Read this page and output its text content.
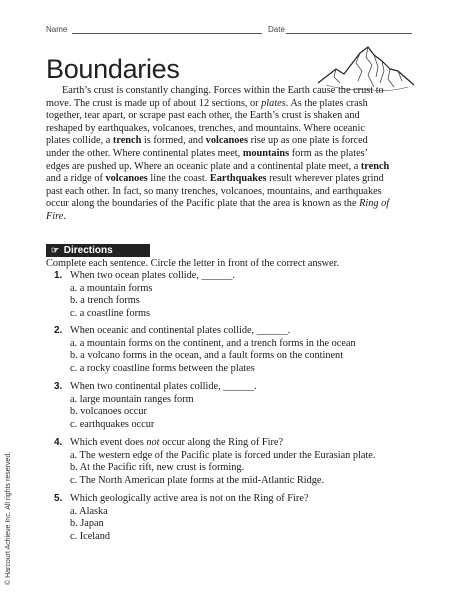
Name	Date
Boundaries

Earth’s crust is constantly changing. Forces within the Earth cause the crust to move. The crust is made up of about 12 sections, or plates. As the plates crash together, tear apart, or scrape past each other, the Earth’s crust is shaken and reshaped by earthquakes, volcanoes, trenches, and mountains. Where oceanic plates collide, a trench is formed, and volcanoes rise up as one plate is forced under the other. Where continental plates meet, mountains form as the plates’ edges are pushed up. Where an oceanic plate and a continental plate meet, a trench and a ridge of volcanoes line the coast. Earthquakes result wherever plates grind past each other. In fact, so many trenches, volcanoes, mountains, and earthquakes occur along the boundaries of the Pacific plate that the area is known as the Ring of Fire.

☞ Directions
Complete each sentence. Circle the letter in front of the correct answer.
1. When two ocean plates collide, ______.
a. a mountain forms
b. a trench forms
c. a coastline forms
2. When oceanic and continental plates collide, ______.
a. a mountain forms on the continent, and a trench forms in the ocean
b. a volcano forms in the ocean, and a fault forms on the continent
c. a rocky coastline forms between the plates
3. When two continental plates collide, ______.
a. large mountain ranges form
b. volcanoes occur
c. earthquakes occur
4. Which event does not occur along the Ring of Fire?
a. The western edge of the Pacific plate is forced under the Eurasian plate.
b. At the Pacific rift, new crust is forming.
c. The North American plate forms at the mid-Atlantic Ridge.
5. Which geologically active area is not on the Ring of Fire?
a. Alaska
b. Japan
c. Iceland
© Harcourt Achieve Inc. All rights reserved.
